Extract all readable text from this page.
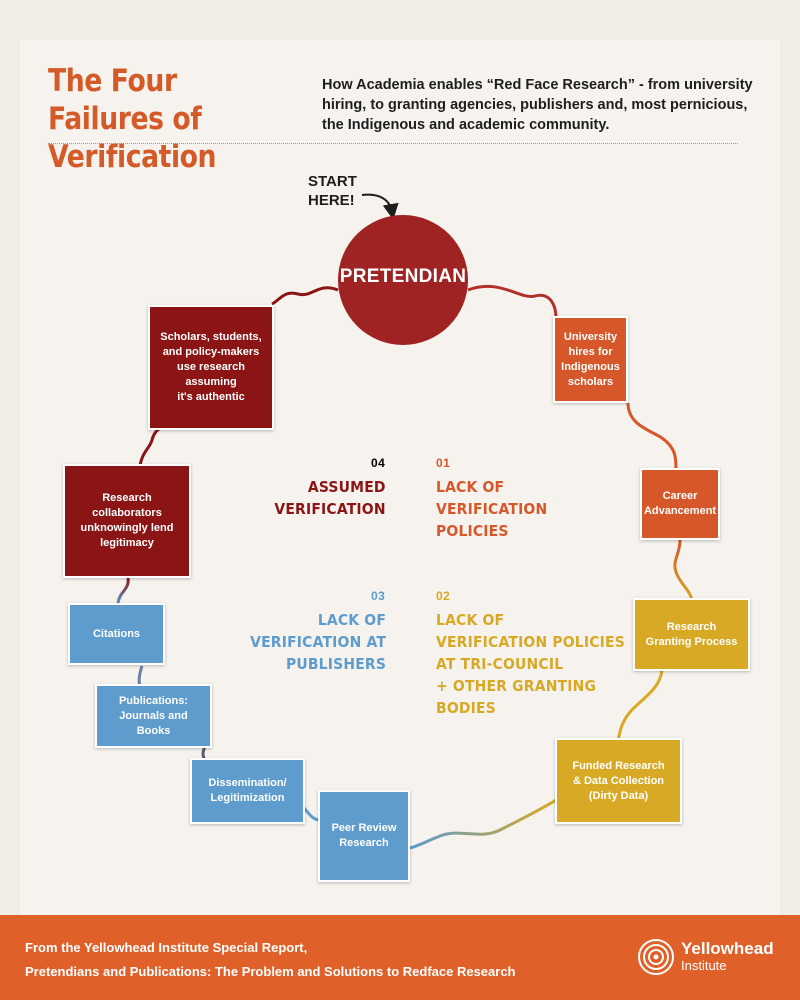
The Four Failures of Verification
How Academia enables “Red Face Research” - from university hiring, to granting agencies, publishers and, most pernicious, the Indigenous and academic community.
START
HERE!
PRETENDIAN
University
hires for
Indigenous
scholars
Career
Advancement
Research
Granting Process
Funded Research
& Data Collection
(Dirty Data)
Peer Review
Research
Dissemination/
Legitimization
Publications:
Journals and Books
Citations
Research
collaborators
unknowingly lend
legitimacy
Scholars, students,
and policy-makers
use research
assuming
it's authentic
04
ASSUMED
VERIFICATION
01
LACK OF
VERIFICATION
POLICIES
03
LACK OF
VERIFICATION AT
PUBLISHERS
02
LACK OF
VERIFICATION POLICIES
AT TRI-COUNCIL
+ OTHER GRANTING
BODIES
From the Yellowhead Institute Special Report,
Pretendians and Publications: The Problem and Solutions to Redface Research
Yellowhead
Institute
